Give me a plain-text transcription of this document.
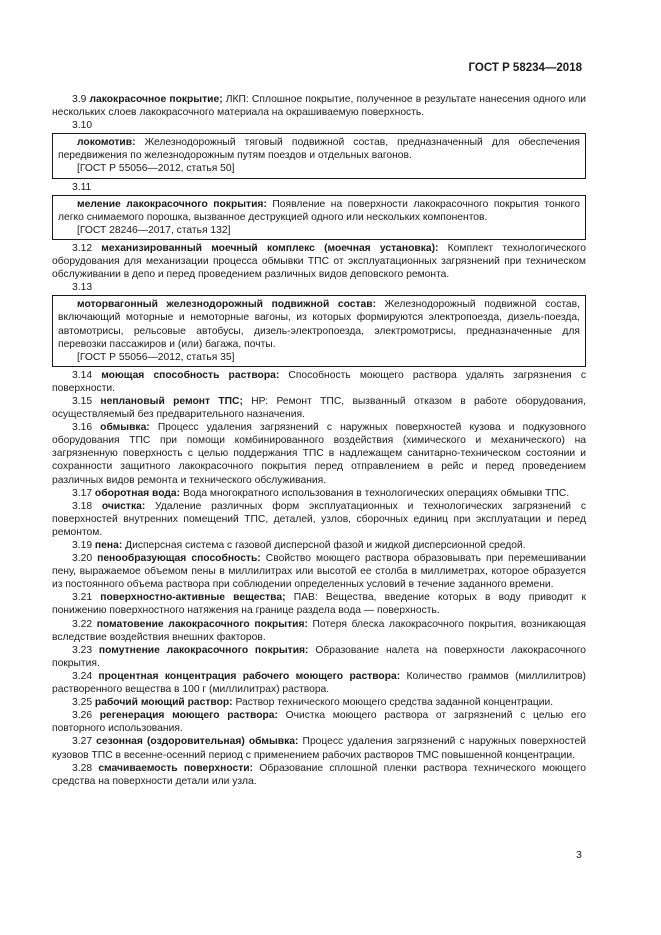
ГОСТ Р 58234—2018

3.9 лакокрасочное покрытие; ЛКП: Сплошное покрытие, полученное в результате нанесения одного или нескольких слоев лакокрасочного материала на окрашиваемую поверхность.

3.10

локомотив: Железнодорожный тяговый подвижной состав, предназначенный для обеспечения передвижения по железнодорожным путям поездов и отдельных вагонов.

[ГОСТ Р 55056—2012, статья 50]
3.11

меление лакокрасочного покрытия: Появление на поверхности лакокрасочного покрытия тонкого легко снимаемого порошка, вызванное деструкцией одного или нескольких компонентов.

[ГОСТ 28246—2017, статья 132]

3.12 механизированный моечный комплекс (моечная установка): Комплект технологического оборудования для механизации процесса обмывки ТПС от эксплуатационных загрязнений при техническом обслуживании в депо и перед проведением различных видов деповского ремонта.

3.13

моторвагонный железнодорожный подвижной состав: Железнодорожный подвижной состав, включающий моторные и немоторные вагоны, из которых формируются электропоезда, дизель-поезда, автомотрисы, рельсовые автобусы, дизель-электропоезда, электромотрисы, предназначенные для перевозки пассажиров и (или) багажа, почты.

[ГОСТ Р 55056—2012, статья 35]

3.14 моющая способность раствора: Способность моющего раствора удалять загрязнения с поверхности.

3.15 неплановый ремонт ТПС; НР: Ремонт ТПС, вызванный отказом в работе оборудования, осуществляемый без предварительного назначения.

3.16 обмывка: Процесс удаления загрязнений с наружных поверхностей кузова и подкузовного оборудования ТПС при помощи комбинированного воздействия (химического и механического) на загрязненную поверхность с целью поддержания ТПС в надлежащем санитарно-техническом состоянии и сохранности защитного лакокрасочного покрытия перед отправлением в рейс и перед проведением различных видов ремонта и технического обслуживания.

3.17 оборотная вода: Вода многократного использования в технологических операциях обмывки ТПС.

3.18 очистка: Удаление различных форм эксплуатационных и технологических загрязнений с поверхностей внутренних помещений ТПС, деталей, узлов, сборочных единиц при эксплуатации и перед ремонтом.

3.19 пена: Дисперсная система с газовой дисперсной фазой и жидкой дисперсионной средой.

3.20 пенообразующая способность: Свойство моющего раствора образовывать при перемешивании пену, выражаемое объемом пены в миллилитрах или высотой ее столба в миллиметрах, которое образуется из постоянного объема раствора при соблюдении определенных условий в течение заданного времени.

3.21 поверхностно-активные вещества; ПАВ: Вещества, введение которых в воду приводит к понижению поверхностного натяжения на границе раздела вода — поверхность.

3.22 поматовение лакокрасочного покрытия: Потеря блеска лакокрасочного покрытия, возникающая вследствие воздействия внешних факторов.

3.23 помутнение лакокрасочного покрытия: Образование налета на поверхности лакокрасочного покрытия.

3.24 процентная концентрация рабочего моющего раствора: Количество граммов (миллилитров) растворенного вещества в 100 г (миллилитрах) раствора.

3.25 рабочий моющий раствор: Раствор технического моющего средства заданной концентрации.

3.26 регенерация моющего раствора: Очистка моющего раствора от загрязнений с целью его повторного использования.

3.27 сезонная (оздоровительная) обмывка: Процесс удаления загрязнений с наружных поверхностей кузовов ТПС в весенне-осенний период с применением рабочих растворов ТМС повышенной концентрации.

3.28 смачиваемость поверхности: Образование сплошной пленки раствора технического моющего средства на поверхности детали или узла.

3
